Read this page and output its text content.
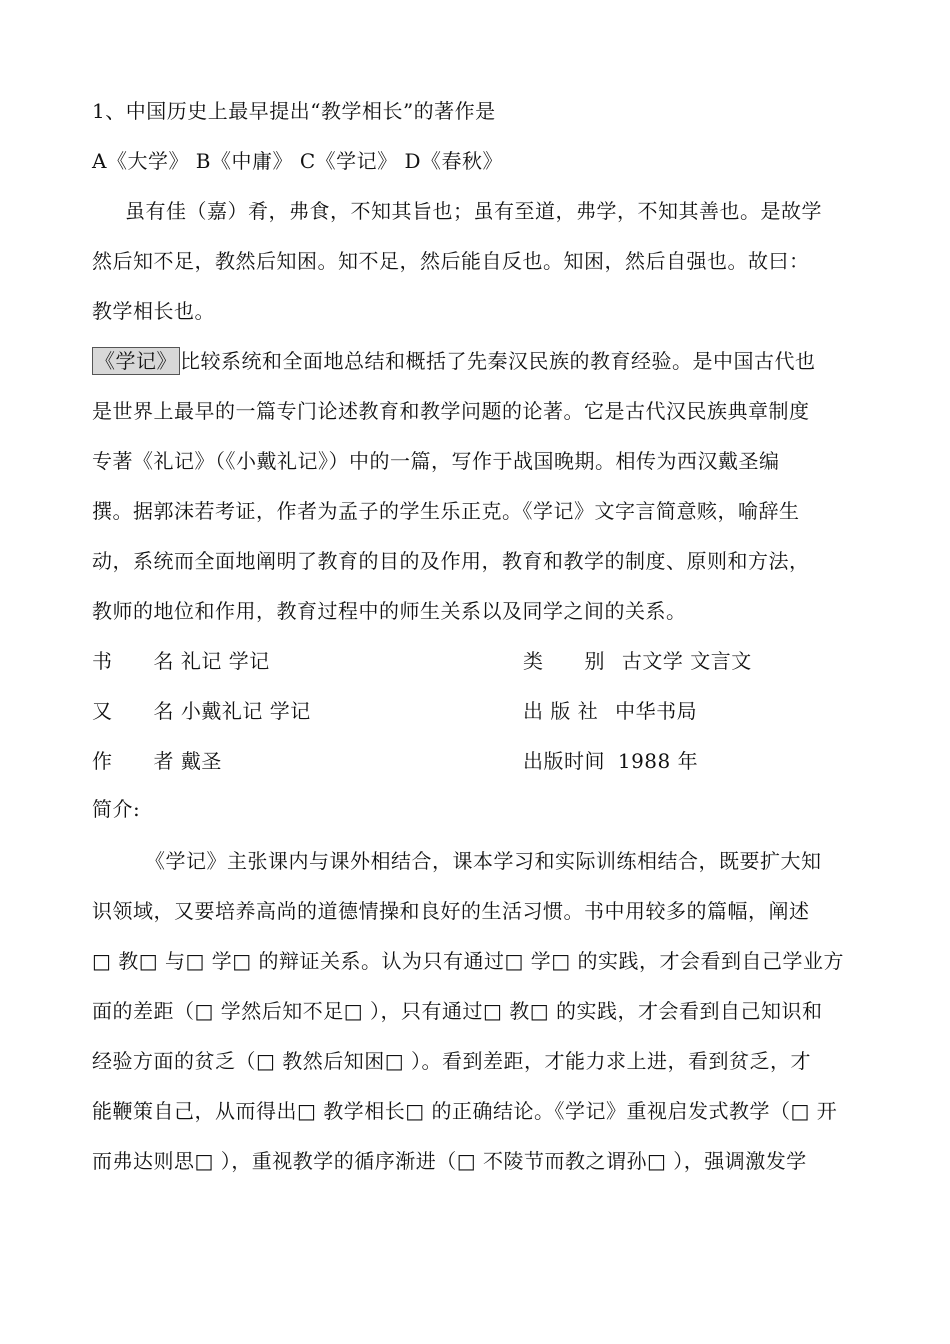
1、中国历史上最早提出“教学相长”的著作是
A《大学》 B《中庸》 C《学记》 D《春秋》
虽有佳（嘉）肴，弗食，不知其旨也；虽有至道，弗学，不知其善也。是故学
然后知不足，教然后知困。知不足，然后能自反也。知困，然后自强也。故曰：
教学相长也。
《学记》 比较系统和全面地总结和概括了先秦汉民族的教育经验。是中国古代也
是世界上最早的一篇专门论述教育和教学问题的论著。它是古代汉民族典章制度
专著《礼记》（《小戴礼记》）中的一篇，写作于战国晚期。相传为西汉戴圣编
撰。据郭沫若考证，作者为孟子的学生乐正克。《学记》文字言简意赅，喻辞生
动，系统而全面地阐明了教育的目的及作用，教育和教学的制度、原则和方法，
教师的地位和作用，教育过程中的师生关系以及同学之间的关系。
书　　名 礼记 学记	类　　别 古文学 文言文
又　　名 小戴礼记 学记	出 版 社 中华书局
作　　者 戴圣	出版时间 1988 年
简介:
《学记》主张课内与课外相结合，课本学习和实际训练相结合，既要扩大知
识领域，又要培养高尚的道德情操和良好的生活习惯。书中用较多的篇幅，阐述
□ 教□ 与□ 学□ 的辩证关系。认为只有通过□ 学□ 的实践，才会看到自己学业方
面的差距（□ 学然后知不足□ ），只有通过□ 教□ 的实践，才会看到自己知识和
经验方面的贫乏（□ 教然后知困□ ）。看到差距，才能力求上进，看到贫乏，才
能鞭策自己，从而得出□ 教学相长□ 的正确结论。《学记》重视启发式教学（□ 开
而弗达则思□ ），重视教学的循序渐进（□ 不陵节而教之谓孙□ ），强调激发学
